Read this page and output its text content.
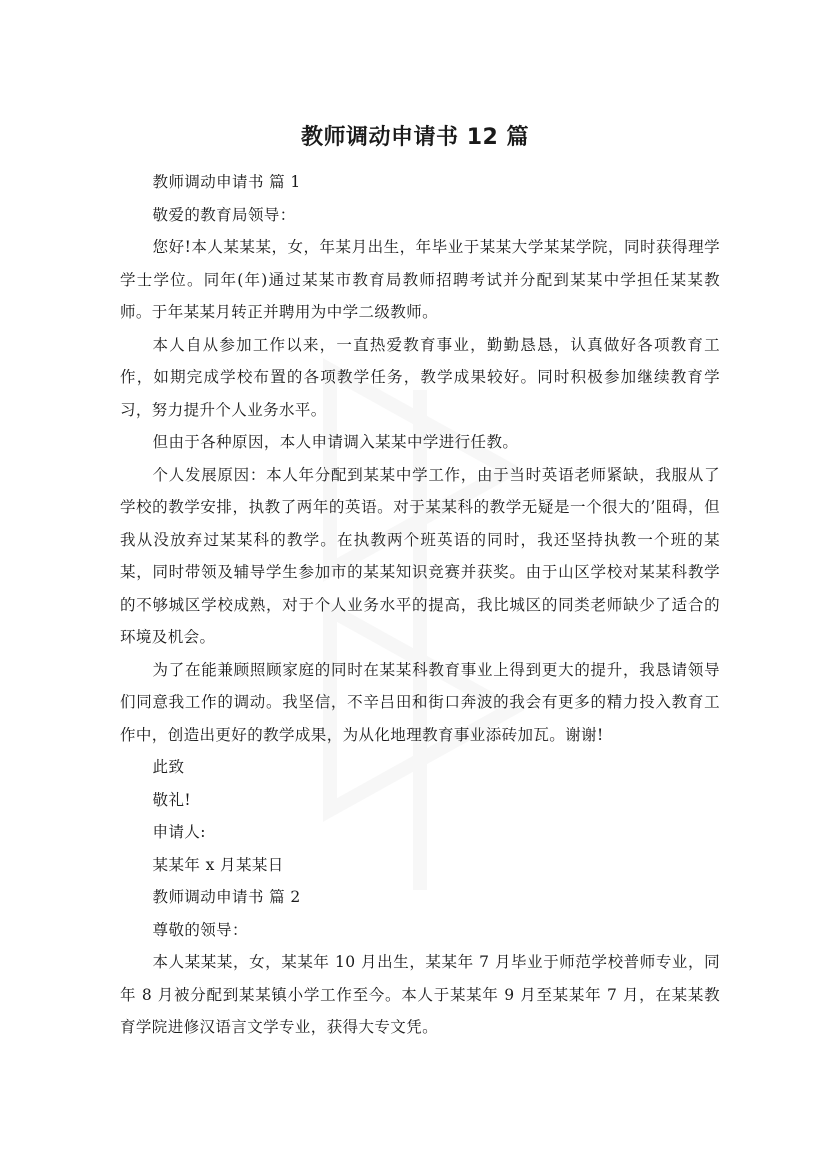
教师调动申请书 12 篇

教师调动申请书 篇 1

敬爱的教育局领导：

您好!本人某某某，女，年某月出生，年毕业于某某大学某某学院，同时获得理学学士学位。同年(年)通过某某市教育局教师招聘考试并分配到某某中学担任某某教师。于年某某月转正并聘用为中学二级教师。

本人自从参加工作以来，一直热爱教育事业，勤勤恳恳，认真做好各项教育工作，如期完成学校布置的各项教学任务，教学成果较好。同时积极参加继续教育学习，努力提升个人业务水平。

但由于各种原因，本人申请调入某某中学进行任教。

个人发展原因：本人年分配到某某中学工作，由于当时英语老师紧缺，我服从了学校的教学安排，执教了两年的英语。对于某某科的教学无疑是一个很大的’阻碍，但我从没放弃过某某科的教学。在执教两个班英语的同时，我还坚持执教一个班的某某，同时带领及辅导学生参加市的某某知识竞赛并获奖。由于山区学校对某某科教学的不够城区学校成熟，对于个人业务水平的提高，我比城区的同类老师缺少了适合的环境及机会。

为了在能兼顾照顾家庭的同时在某某科教育事业上得到更大的提升，我恳请领导们同意我工作的调动。我坚信，不辛吕田和街口奔波的我会有更多的精力投入教育工作中，创造出更好的教学成果，为从化地理教育事业添砖加瓦。谢谢!

此致

敬礼!

申请人:

某某年 x 月某某日

教师调动申请书 篇 2

尊敬的领导：

本人某某某，女，某某年 10 月出生，某某年 7 月毕业于师范学校普师专业，同年 8 月被分配到某某镇小学工作至今。本人于某某年 9 月至某某年 7 月，在某某教育学院进修汉语言文学专业，获得大专文凭。
